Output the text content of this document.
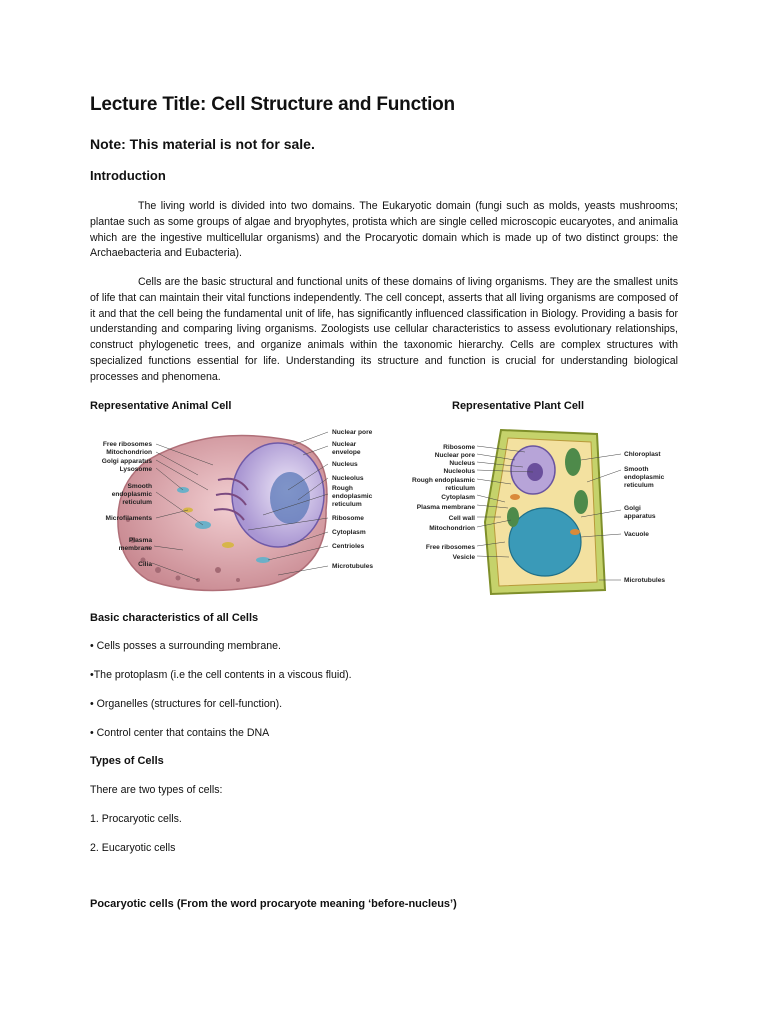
Lecture Title: Cell Structure and Function
Note: This material is not for sale.
Introduction

The living world is divided into two domains. The Eukaryotic domain (fungi such as molds, yeasts mushrooms; plantae such as some groups of algae and bryophytes, protista which are single celled microscopic eucaryotes, and animalia which are the ingestive multicellular organisms) and the Procaryotic domain which is made up of two distinct groups: the Archaebacteria and Eubacteria).

Cells are the basic structural and functional units of these domains of living organisms. They are the smallest units of life that can maintain their vital functions independently. The cell concept, asserts that all living organisms are composed of it and that the cell being the fundamental unit of life, has significantly influenced classification in Biology. Providing a basis for understanding and comparing living organisms. Zoologists use cellular characteristics to assess evolutionary relationships, construct phylogenetic trees, and organize animals within the taxonomic hierarchy. Cells are complex structures with specialized functions essential for life. Understanding its structure and function is crucial for understanding biological processes and phenomena.

Representative Animal Cell	Representative Plant Cell
Free ribosomes
Mitochondrion
Golgi apparatus
Lysosome
Smooth
endoplasmic
reticulum
Microfilaments
Plasma
membrane
Cilia
Nuclear pore
Nuclear
envelope
Nucleus
Nucleolus
Rough
endoplasmic
reticulum
Ribosome
Cytoplasm
Centrioles
Microtubules
Ribosome
Nuclear pore
Nucleus
Nucleolus
Rough endoplasmic
reticulum
Cytoplasm
Plasma membrane
Cell wall
Mitochondrion
Free ribosomes
Vesicle
Chloroplast
Smooth
endoplasmic
reticulum
Golgi
apparatus
Vacuole
Microtubules
Basic characteristics of all Cells
• Cells posses a surrounding membrane.
•The protoplasm (i.e the cell contents in a viscous fluid).
• Organelles (structures for cell-function).
• Control center that contains the DNA
Types of Cells
There are two types of cells:
1. Procaryotic cells.
2. Eucaryotic cells
Pocaryotic cells (From the word procaryote meaning ‘before-nucleus’)
